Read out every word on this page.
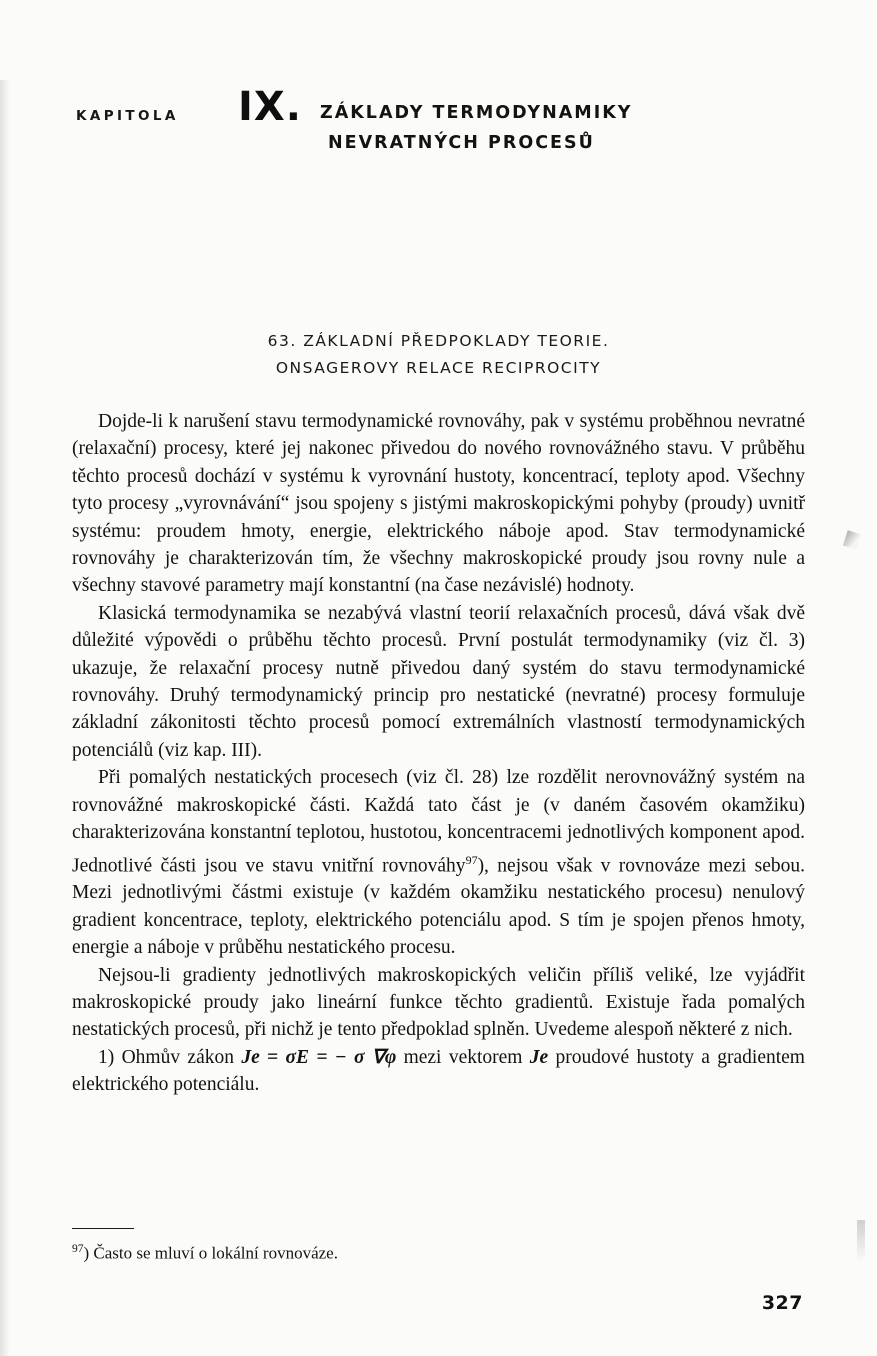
KAPITOLA IX. ZÁKLADY TERMODYNAMIKY
NEVRATNÝCH PROCESŮ
63. ZÁKLADNÍ PŘEDPOKLADY TEORIE.
ONSAGEROVY RELACE RECIPROCITY

Dojde-li k narušení stavu termodynamické rovnováhy, pak v systému proběhnou nevratné (relaxační) procesy, které jej nakonec přivedou do nového rovnovážného stavu. V průběhu těchto procesů dochází v systému k vyrovnání hustoty, koncentrací, teploty apod. Všechny tyto procesy „vyrovnávání“ jsou spojeny s jistými makroskopickými pohyby (proudy) uvnitř systému: proudem hmoty, energie, elektrického náboje apod. Stav termodynamické rovnováhy je charakterizován tím, že všechny makroskopické proudy jsou rovny nule a všechny stavové parametry mají konstantní (na čase nezávislé) hodnoty.

Klasická termodynamika se nezabývá vlastní teorií relaxačních procesů, dává však dvě důležité výpovědi o průběhu těchto procesů. První postulát termodynamiky (viz čl. 3) ukazuje, že relaxační procesy nutně přivedou daný systém do stavu termodynamické rovnováhy. Druhý termodynamický princip pro nestatické (nevratné) procesy formuluje základní zákonitosti těchto procesů pomocí extremálních vlastností termodynamických potenciálů (viz kap. III).

Při pomalých nestatických procesech (viz čl. 28) lze rozdělit nerovnovážný systém na rovnovážné makroskopické části. Každá tato část je (v daném časovém okamžiku) charakterizována konstantní teplotou, hustotou, koncentracemi jednotlivých komponent apod. Jednotlivé části jsou ve stavu vnitřní rovnováhy$^{97}$), nejsou však v rovnováze mezi sebou. Mezi jednotlivými částmi existuje (v každém okamžiku nestatického procesu) nenulový gradient koncentrace, teploty, elektrického potenciálu apod. S tím je spojen přenos hmoty, energie a náboje v průběhu nestatického procesu.

Nejsou-li gradienty jednotlivých makroskopických veličin příliš veliké, lze vyjádřit makroskopické proudy jako lineární funkce těchto gradientů. Existuje řada pomalých nestatických procesů, při nichž je tento předpoklad splněn. Uvedeme alespoň některé z nich.

1) Ohmův zákon Je = σE = − σ ∇φ mezi vektorem Je proudové hustoty a gradientem elektrického potenciálu.

$^{97}$) Často se mluví o lokální rovnováze.
327
